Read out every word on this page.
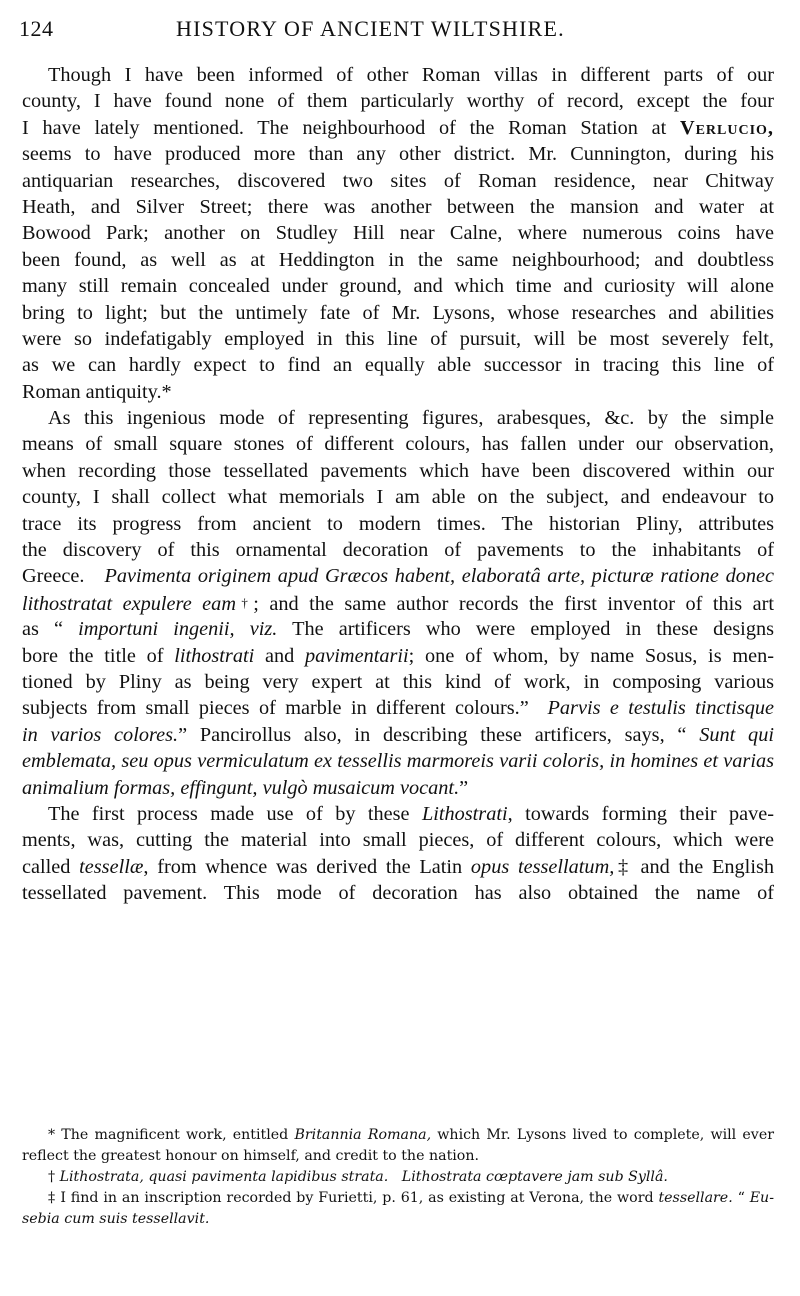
124	HISTORY OF ANCIENT WILTSHIRE.
Though I have been informed of other Roman villas in different parts of our
county, I have found none of them particularly worthy of record, except the four
I have lately mentioned. The neighbourhood of the Roman Station at Verlucio,
seems to have produced more than any other district. Mr. Cunnington, during his
antiquarian researches, discovered two sites of Roman residence, near Chitway
Heath, and Silver Street; there was another between the mansion and water at
Bowood Park; another on Studley Hill near Calne, where numerous coins have
been found, as well as at Heddington in the same neighbourhood; and doubtless
many still remain concealed under ground, and which time and curiosity will alone
bring to light; but the untimely fate of Mr. Lysons, whose researches and abilities
were so indefatigably employed in this line of pursuit, will be most severely felt,
as we can hardly expect to find an equally able successor in tracing this line of
Roman antiquity.*
As this ingenious mode of representing figures, arabesques, &c. by the simple
means of small square stones of different colours, has fallen under our observation,
when recording those tessellated pavements which have been discovered within our
county, I shall collect what memorials I am able on the subject, and endeavour to
trace its progress from ancient to modern times. The historian Pliny, attributes
the discovery of this ornamental decoration of pavements to the inhabitants of
Greece. Pavimenta originem apud Græcos habent, elaboratâ arte, picturæ ratione donec
lithostratat expulere eam†; and the same author records the first inventor of this art
as “ importuni ingenii, viz. The artificers who were employed in these designs
bore the title of lithostrati and pavimentarii; one of whom, by name Sosus, is men-
tioned by Pliny as being very expert at this kind of work, in composing various
subjects from small pieces of marble in different colours.”  Parvis e testulis tinctisque
in varios colores.” Pancirollus also, in describing these artificers, says, “ Sunt qui
emblemata, seu opus vermiculatum ex tessellis marmoreis varii coloris, in homines et varias
animalium formas, effingunt, vulgò musaicum vocant.”
The first process made use of by these Lithostrati, towards forming their pave-
ments, was, cutting the material into small pieces, of different colours, which were
called tessellæ, from whence was derived the Latin opus tessellatum,‡ and the English
tessellated pavement. This mode of decoration has also obtained the name of
* The magnificent work, entitled Britannia Romana, which Mr. Lysons lived to complete, will ever
reflect the greatest honour on himself, and credit to the nation.
† Lithostrata, quasi pavimenta lapidibus strata. Lithostrata cœptavere jam sub Syllâ.
‡ I find in an inscription recorded by Furietti, p. 61, as existing at Verona, the word tessellare. “ Eu-
sebia cum suis tessellavit.
